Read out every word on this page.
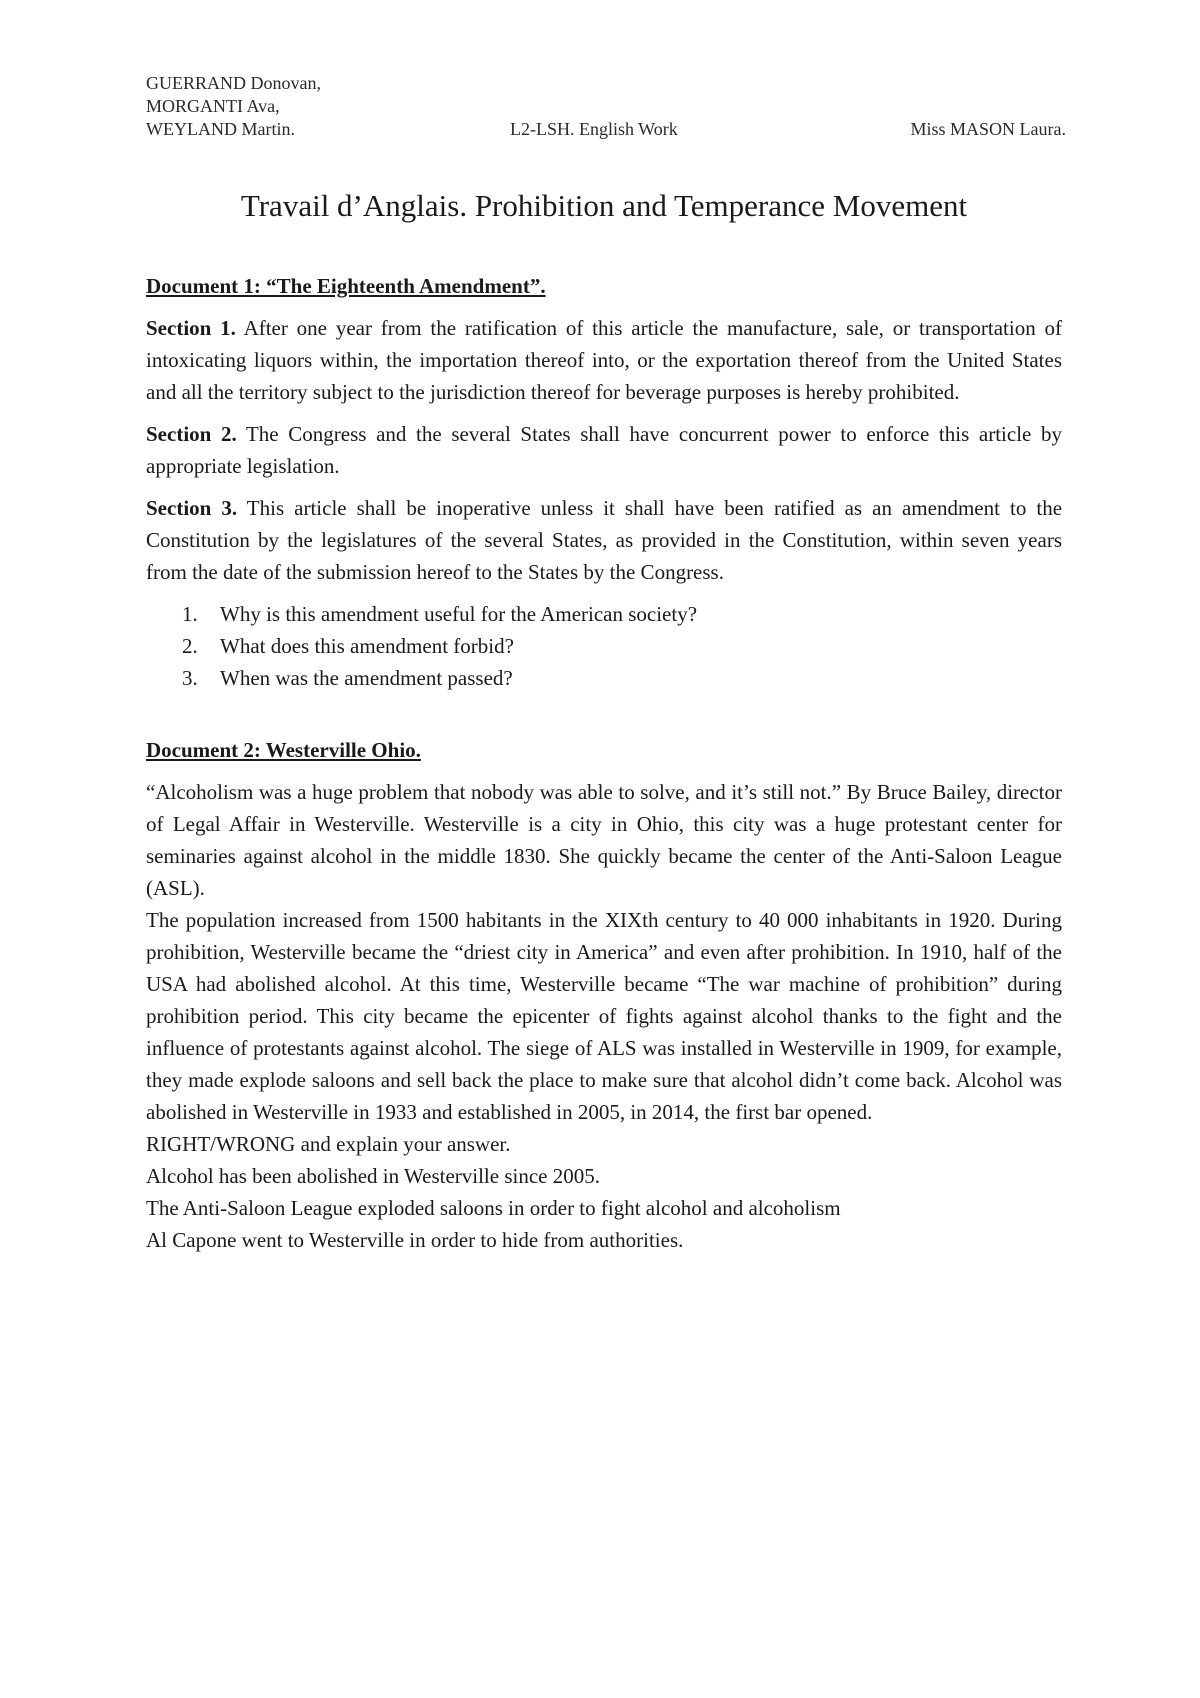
GUERRAND Donovan,
MORGANTI Ava,
WEYLAND Martin.	L2-LSH. English Work	Miss MASON Laura.
Travail d’Anglais. Prohibition and Temperance Movement
Document 1: “The Eighteenth Amendment”.

Section 1. After one year from the ratification of this article the manufacture, sale, or transportation of intoxicating liquors within, the importation thereof into, or the exportation thereof from the United States and all the territory subject to the jurisdiction thereof for beverage purposes is hereby prohibited.

Section 2. The Congress and the several States shall have concurrent power to enforce this article by appropriate legislation.

Section 3. This article shall be inoperative unless it shall have been ratified as an amendment to the Constitution by the legislatures of the several States, as provided in the Constitution, within seven years from the date of the submission hereof to the States by the Congress.

1. Why is this amendment useful for the American society?
2. What does this amendment forbid?
3. When was the amendment passed?
Document 2: Westerville Ohio.

“Alcoholism was a huge problem that nobody was able to solve, and it’s still not.” By Bruce Bailey, director of Legal Affair in Westerville. Westerville is a city in Ohio, this city was a huge protestant center for seminaries against alcohol in the middle 1830. She quickly became the center of the Anti-Saloon League (ASL).

The population increased from 1500 habitants in the XIXth century to 40 000 inhabitants in 1920. During prohibition, Westerville became the “driest city in America” and even after prohibition. In 1910, half of the USA had abolished alcohol. At this time, Westerville became “The war machine of prohibition” during prohibition period. This city became the epicenter of fights against alcohol thanks to the fight and the influence of protestants against alcohol. The siege of ALS was installed in Westerville in 1909, for example, they made explode saloons and sell back the place to make sure that alcohol didn’t come back. Alcohol was abolished in Westerville in 1933 and established in 2005, in 2014, the first bar opened.

RIGHT/WRONG and explain your answer.

Alcohol has been abolished in Westerville since 2005.

The Anti-Saloon League exploded saloons in order to fight alcohol and alcoholism

Al Capone went to Westerville in order to hide from authorities.
